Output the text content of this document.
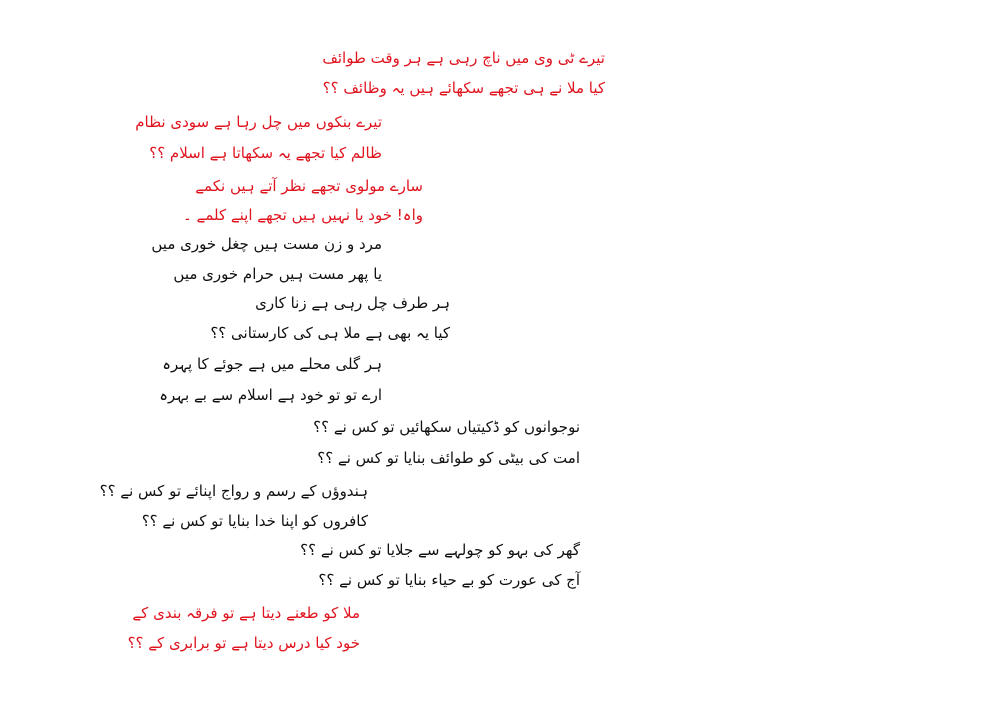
تیرے ٹی وی میں ناچ رہی ہے ہر وقت طوائف
کیا ملا نے ہی تجھے سکھائے ہیں یہ وظائف ؟؟
تیرے بنکوں میں چل رہا ہے سودی نظام
ظالم کیا تجھے یہ سکھاتا ہے اسلام ؟؟
سارے مولوی تجھے نظر آتے ہیں نکمے
واہ! خود یا نہیں ہیں تجھے اپنے کلمے ۔
مرد و زن مست ہیں چغل خوری میں
یا پھر مست ہیں حرام خوری میں
ہر طرف چل رہی ہے زنا کاری
کیا یہ بھی ہے ملا ہی کی کارستانی ؟؟
ہر گلی محلے میں ہے جوئے کا پہرہ
ارے تو تو خود ہے اسلام سے بے بہرہ
نوجوانوں کو ڈکیتیاں سکھائیں تو کس نے ؟؟
امت کی بیٹی کو طوائف بنایا تو کس نے ؟؟
ہندوؤں کے رسم و رواج اپنائے تو کس نے ؟؟
کافروں کو اپنا خدا بنایا تو کس نے ؟؟
گھر کی بہو کو چولہے سے جلایا تو کس نے ؟؟
آج کی عورت کو بے حیاء بنایا تو کس نے ؟؟
ملا کو طعنے دیتا ہے تو فرقہ بندی کے
خود کیا درس دیتا ہے تو برابری کے ؟؟
